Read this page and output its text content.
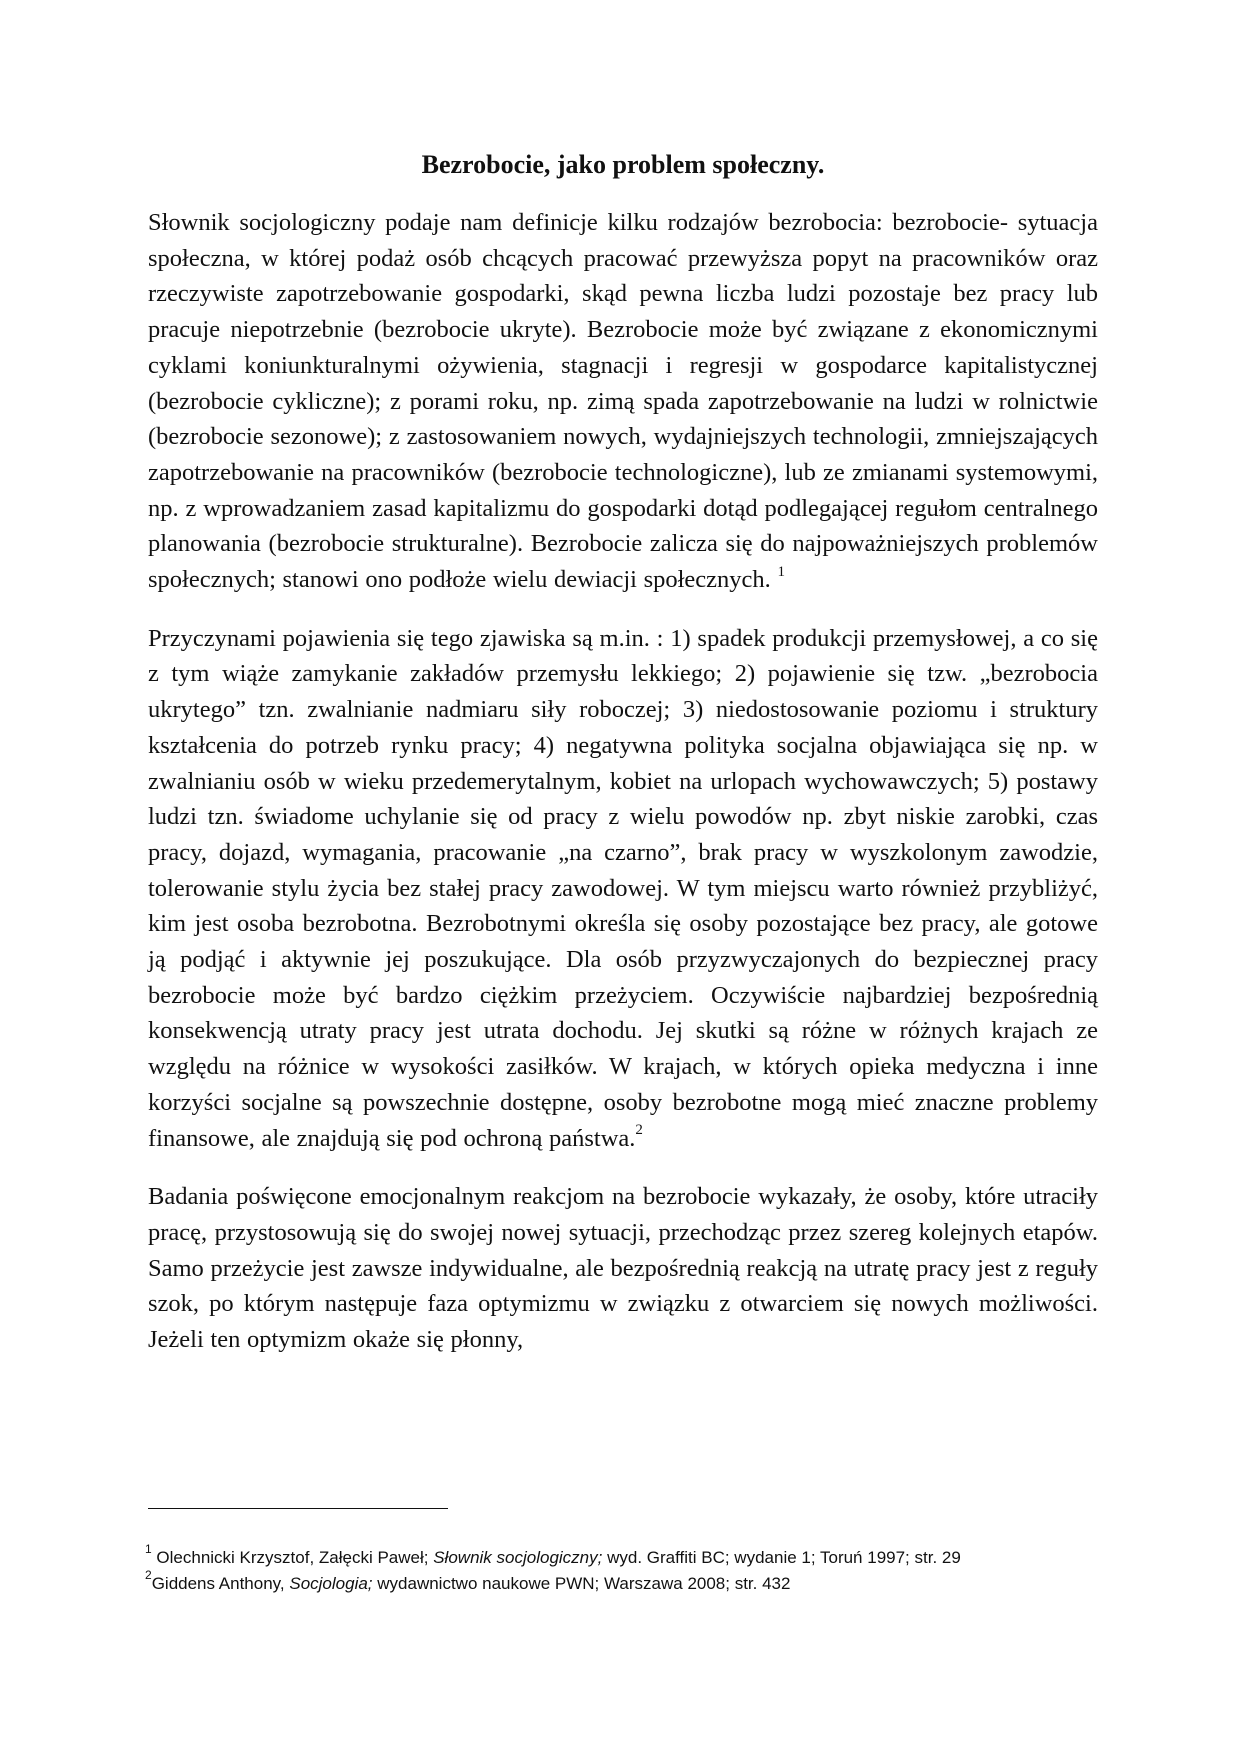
Bezrobocie, jako problem społeczny.

Słownik socjologiczny podaje nam definicje kilku rodzajów bezrobocia: bezrobocie- sytuacja społeczna, w której podaż osób chcących pracować przewyższa popyt na pracowników oraz rzeczywiste zapotrzebowanie gospodarki, skąd pewna liczba ludzi pozostaje bez pracy lub pracuje niepotrzebnie (bezrobocie ukryte). Bezrobocie może być związane z ekonomicznymi cyklami koniunkturalnymi ożywienia, stagnacji i regresji w gospodarce kapitalistycznej (bezrobocie cykliczne); z porami roku, np. zimą spada zapotrzebowanie na ludzi w rolnictwie (bezrobocie sezonowe); z zastosowaniem nowych, wydajniejszych technologii, zmniejszających zapotrzebowanie na pracowników (bezrobocie technologiczne), lub ze zmianami systemowymi, np. z wprowadzaniem zasad kapitalizmu do gospodarki dotąd podlegającej regułom centralnego planowania (bezrobocie strukturalne). Bezrobocie zalicza się do najpoważniejszych problemów społecznych; stanowi ono podłoże wielu dewiacji społecznych. $^1$

Przyczynami pojawienia się tego zjawiska są m.in. : 1) spadek produkcji przemysłowej, a co się z tym wiąże zamykanie zakładów przemysłu lekkiego; 2) pojawienie się tzw. „bezrobocia ukrytego” tzn. zwalnianie nadmiaru siły roboczej; 3) niedostosowanie poziomu i struktury kształcenia do potrzeb rynku pracy; 4) negatywna polityka socjalna objawiająca się np. w zwalnianiu osób w wieku przedemerytalnym, kobiet na urlopach wychowawczych; 5) postawy ludzi tzn. świadome uchylanie się od pracy z wielu powodów np. zbyt niskie zarobki, czas pracy, dojazd, wymagania, pracowanie „na czarno”, brak pracy w wyszkolonym zawodzie, tolerowanie stylu życia bez stałej pracy zawodowej. W tym miejscu warto również przybliżyć, kim jest osoba bezrobotna. Bezrobotnymi określa się osoby pozostające bez pracy, ale gotowe ją podjąć i aktywnie jej poszukujące. Dla osób przyzwyczajonych do bezpiecznej pracy bezrobocie może być bardzo ciężkim przeżyciem. Oczywiście najbardziej bezpośrednią konsekwencją utraty pracy jest utrata dochodu. Jej skutki są różne w różnych krajach ze względu na różnice w wysokości zasiłków. W krajach, w których opieka medyczna i inne korzyści socjalne są powszechnie dostępne, osoby bezrobotne mogą mieć znaczne problemy finansowe, ale znajdują się pod ochroną państwa.$^2$

Badania poświęcone emocjonalnym reakcjom na bezrobocie wykazały, że osoby, które utraciły pracę, przystosowują się do swojej nowej sytuacji, przechodząc przez szereg kolejnych etapów. Samo przeżycie jest zawsze indywidualne, ale bezpośrednią reakcją na utratę pracy jest z reguły szok, po którym następuje faza optymizmu w związku z otwarciem się nowych możliwości. Jeżeli ten optymizm okaże się płonny,

$^1$ Olechnicki Krzysztof, Załęcki Paweł; Słownik socjologiczny; wyd. Graffiti BC; wydanie 1; Toruń 1997; str. 29

$^2$Giddens Anthony, Socjologia; wydawnictwo naukowe PWN; Warszawa 2008; str. 432
